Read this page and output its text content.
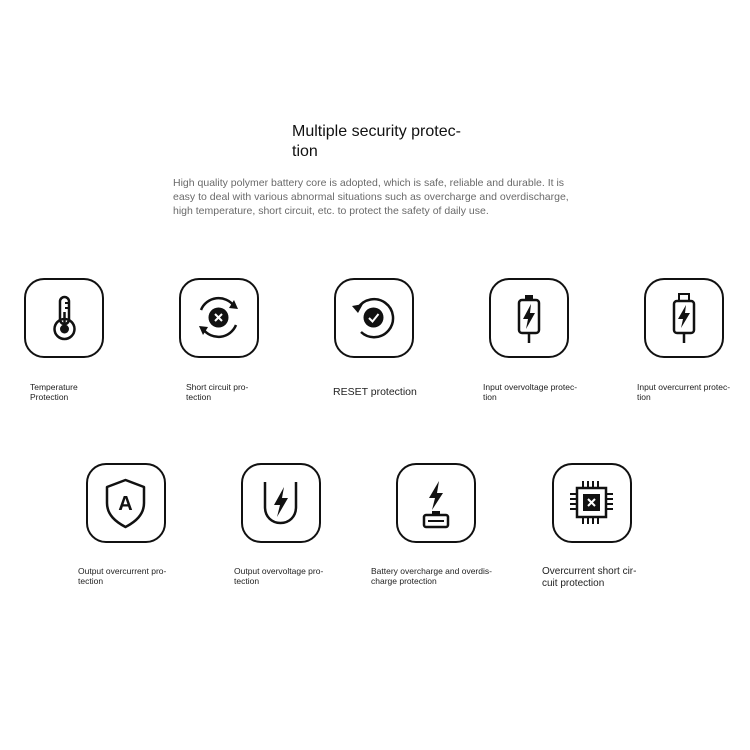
Multiple security protec-
tion
High quality polymer battery core is adopted, which is safe, reliable and durable. It is
easy to deal with various abnormal situations such as overcharge and overdischarge,
high temperature, short circuit, etc. to protect the safety of daily use.
Temperature
Protection
Short circuit pro-
tection	RESET protection	Input overvoltage protec-
tion
Input overcurrent protec-
tion
A
Output overcurrent pro-
tection
Output overvoltage pro-
tection
Battery overcharge and overdis-
charge protection
Overcurrent short cir-
cuit protection
